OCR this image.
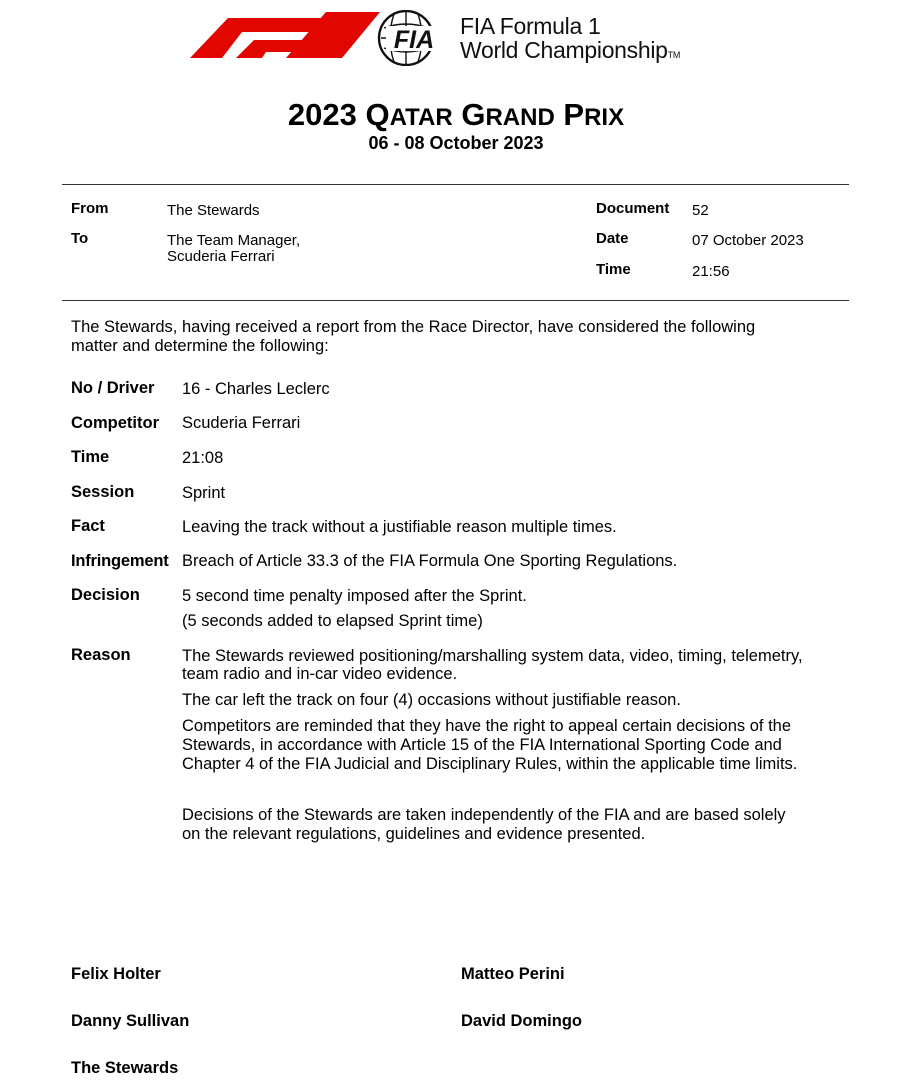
FIA FIA Formula 1
World ChampionshipTM
2023 QATAR GRAND PRIX
06 - 08 October 2023
From	The Stewards
To	The Team Manager,
Scuderia Ferrari
Document 52
Date	07 October 2023
Time	21:56
The Stewards, having received a report from the Race Director, have considered the following
matter and determine the following:
No / Driver 16 - Charles Leclerc
Competitor Scuderia Ferrari
Time	21:08
Session	Sprint
Fact	Leaving the track without a justifiable reason multiple times.
Infringement Breach of Article 33.3 of the FIA Formula One Sporting Regulations.
Decision	5 second time penalty imposed after the Sprint.
(5 seconds added to elapsed Sprint time)
Reason	The Stewards reviewed positioning/marshalling system data, video, timing, telemetry,
team radio and in-car video evidence.
The car left the track on four (4) occasions without justifiable reason.
Competitors are reminded that they have the right to appeal certain decisions of the
Stewards, in accordance with Article 15 of the FIA International Sporting Code and
Chapter 4 of the FIA Judicial and Disciplinary Rules, within the applicable time limits.
Decisions of the Stewards are taken independently of the FIA and are based solely
on the relevant regulations, guidelines and evidence presented.
Felix Holter	Matteo Perini
Danny Sullivan	David Domingo
The Stewards
